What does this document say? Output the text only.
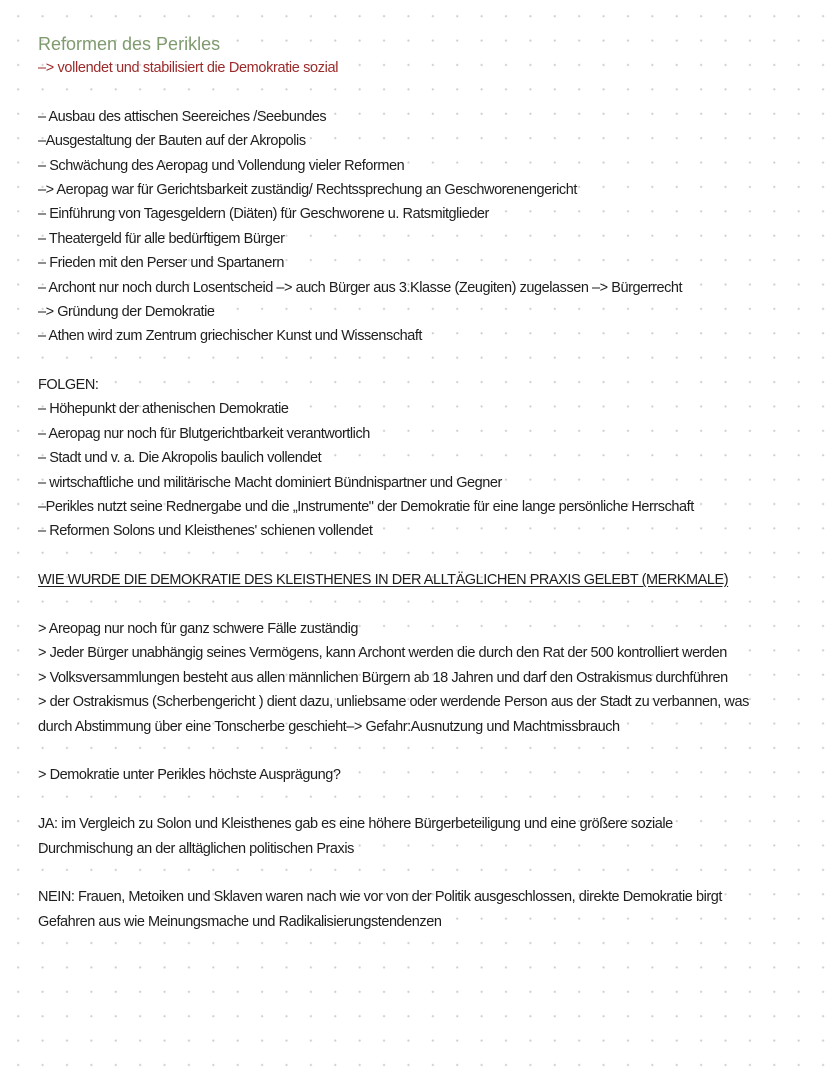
Reformen des Perikles
–> vollendet und stabilisiert die Demokratie sozial
– Ausbau des attischen Seereiches /Seebundes
–Ausgestaltung der Bauten auf der Akropolis
– Schwächung des Aeropag und Vollendung vieler Reformen
–> Aeropag war für Gerichtsbarkeit zuständig/ Rechtssprechung an Geschworenengericht
– Einführung von Tagesgeldern (Diäten) für Geschworene u. Ratsmitglieder
– Theatergeld für alle bedürftigem Bürger
– Frieden mit den Perser und Spartanern
– Archont nur noch durch Losentscheid –> auch Bürger aus 3.Klasse (Zeugiten) zugelassen –> Bürgerrecht
–> Gründung der Demokratie
– Athen wird zum Zentrum griechischer Kunst und Wissenschaft
FOLGEN:
– Höhepunkt der athenischen Demokratie
– Aeropag nur noch für Blutgerichtbarkeit verantwortlich
– Stadt und v. a. Die Akropolis baulich vollendet
– wirtschaftliche und militärische Macht dominiert Bündnispartner und Gegner
–Perikles nutzt seine Rednergabe und die „Instrumente" der Demokratie für eine lange persönliche Herrschaft
– Reformen Solons und Kleisthenes' schienen vollendet
WIE WURDE DIE DEMOKRATIE DES KLEISTHENES IN DER ALLTÄGLICHEN PRAXIS GELEBT (MERKMALE)
> Areopag nur noch für ganz schwere Fälle zuständig
> Jeder Bürger unabhängig seines Vermögens, kann Archont werden die durch den Rat der 500 kontrolliert werden
> Volksversammlungen besteht aus allen männlichen Bürgern ab 18 Jahren und darf den Ostrakismus durchführen
> der Ostrakismus (Scherbengericht ) dient dazu, unliebsame oder werdende Person aus der Stadt zu verbannen, was
durch Abstimmung über eine Tonscherbe geschieht–> Gefahr:Ausnutzung und Machtmissbrauch
> Demokratie unter Perikles höchste Ausprägung?
JA: im Vergleich zu Solon und Kleisthenes gab es eine höhere Bürgerbeteiligung und eine größere soziale
Durchmischung an der alltäglichen politischen Praxis
NEIN: Frauen, Metoiken und Sklaven waren nach wie vor von der Politik ausgeschlossen, direkte Demokratie birgt
Gefahren aus wie Meinungsmache und Radikalisierungstendenzen
